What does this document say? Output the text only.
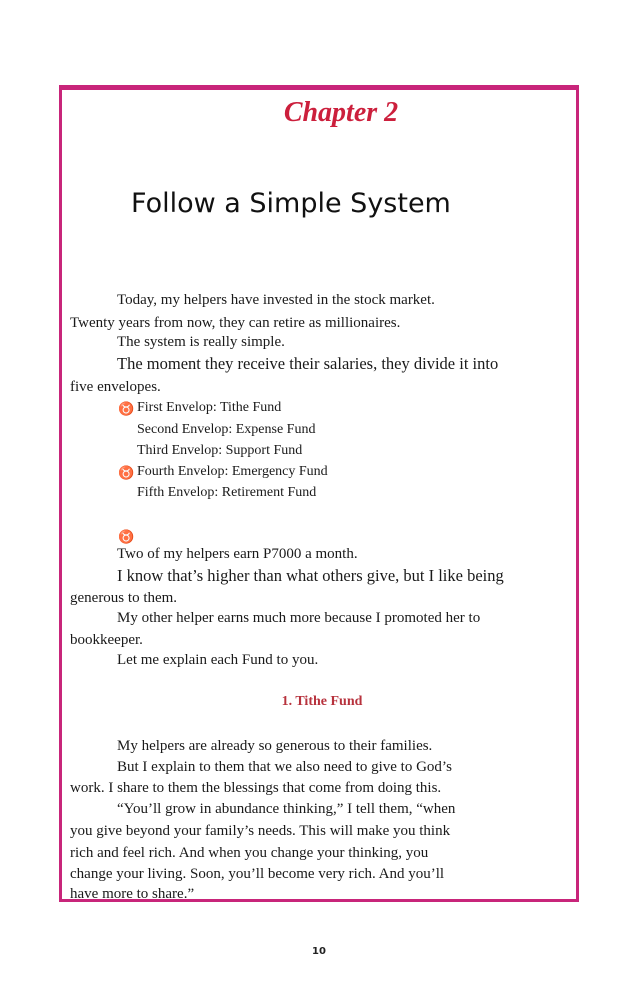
Chapter 2
Follow a Simple System
Today, my helpers have invested in the stock market.
Twenty years from now, they can retire as millionaires.
The system is really simple.
The moment they receive their salaries, they divide it into
five envelopes.
♉ First Envelop: Tithe Fund
Second Envelop: Expense Fund
Third Envelop: Support Fund
♉ Fourth Envelop: Emergency Fund
Fifth Envelop: Retirement Fund
♉
Two of my helpers earn P7000 a month.
I know that’s higher than what others give, but I like being
generous to them.
My other helper earns much more because I promoted her to
bookkeeper.
Let me explain each Fund to you.
1. Tithe Fund
My helpers are already so generous to their families.
But I explain to them that we also need to give to God’s
work. I share to them the blessings that come from doing this.
“You’ll grow in abundance thinking,” I tell them, “when
you give beyond your family’s needs. This will make you think
rich and feel rich. And when you change your thinking, you
change your living. Soon, you’ll become very rich. And you’ll
have more to share.”
10
